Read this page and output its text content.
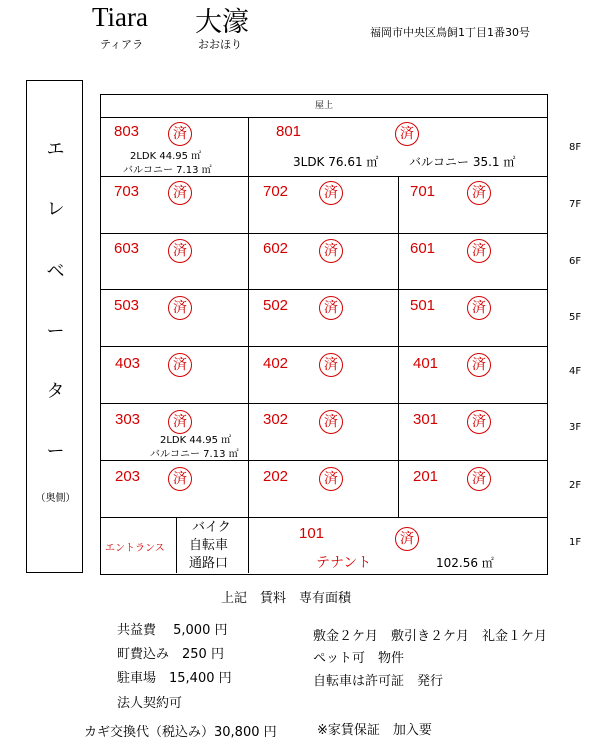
Tiara
ティアラ
大濠
おおほり
福岡市中央区鳥飼1丁目1番30号
エ
レ
ベ
ー
タ
ー
（奥側）
屋上
803	済
2LDK 44.95 ㎡
バルコニー 7.13 ㎡
801	済
3LDK 76.61 ㎡	バルコニー 35.1 ㎡
703	済	702	済	701	済
603	済	602	済	601	済
503	済	502	済	501	済
403	済	402	済	401	済
303	済
2LDK 44.95 ㎡
バルコニー 7.13 ㎡
302	済	301	済
203	済	202	済	201	済
エントランス
バイク
自転車
通路口
101	済
テナント	102.56 ㎡
8F
7F
6F
5F
4F
3F
2F
1F
上記　賃料　専有面積
共益費　 5,000 円
町費込み　250 円
駐車場　15,400 円
法人契約可
カギ交換代（税込み）30,800 円
敷金２ケ月　敷引き２ケ月　礼金１ケ月
ペット可　物件
自転車は許可証　発行
※家賃保証　加入要
